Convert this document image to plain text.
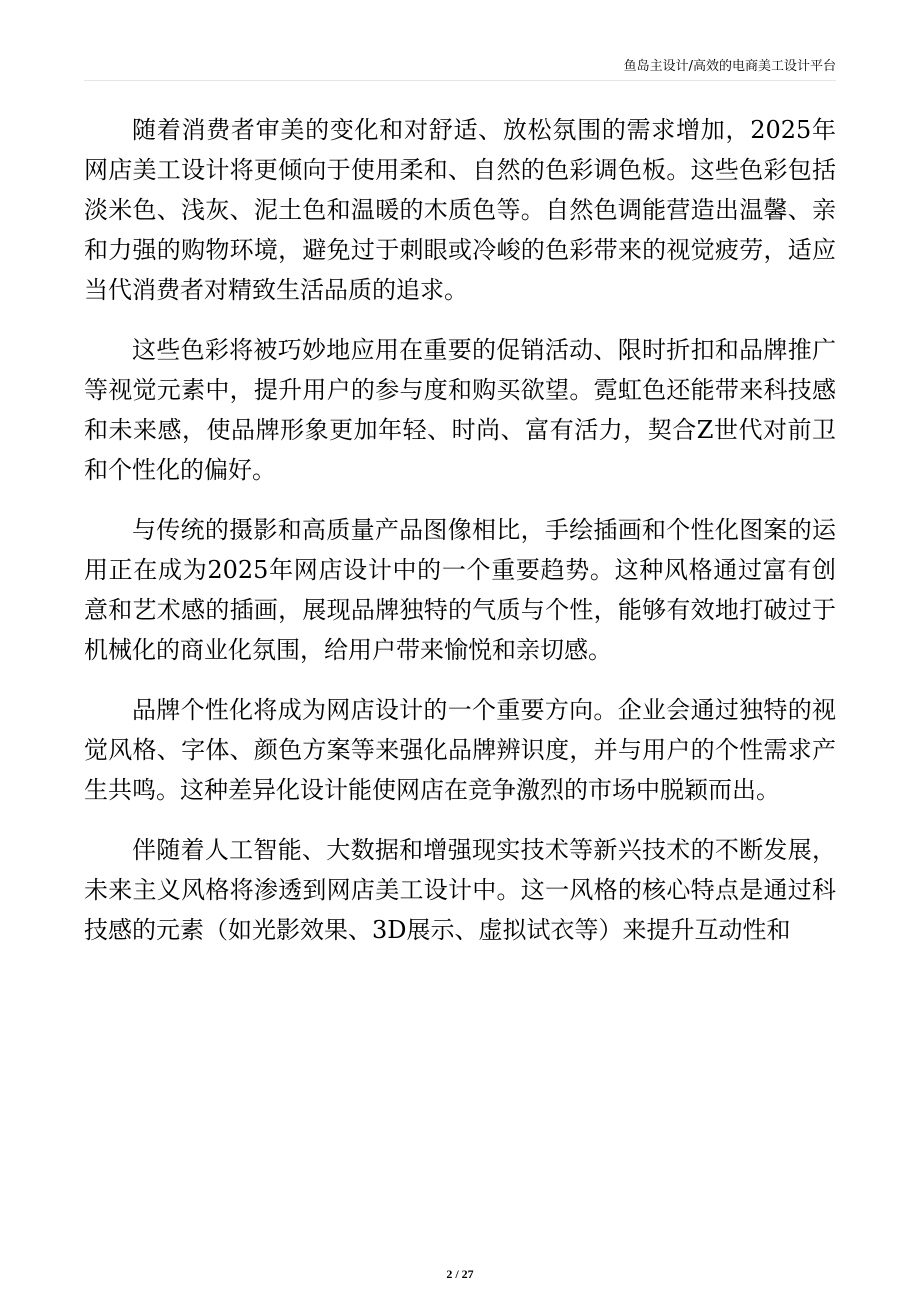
鱼岛主设计/高效的电商美工设计平台

随着消费者审美的变化和对舒适、放松氛围的需求增加，2025年网店美工设计将更倾向于使用柔和、自然的色彩调色板。这些色彩包括淡米色、浅灰、泥土色和温暖的木质色等。自然色调能营造出温馨、亲和力强的购物环境，避免过于刺眼或冷峻的色彩带来的视觉疲劳，适应当代消费者对精致生活品质的追求。

这些色彩将被巧妙地应用在重要的促销活动、限时折扣和品牌推广等视觉元素中，提升用户的参与度和购买欲望。霓虹色还能带来科技感和未来感，使品牌形象更加年轻、时尚、富有活力，契合Z世代对前卫和个性化的偏好。

与传统的摄影和高质量产品图像相比，手绘插画和个性化图案的运用正在成为2025年网店设计中的一个重要趋势。这种风格通过富有创意和艺术感的插画，展现品牌独特的气质与个性，能够有效地打破过于机械化的商业化氛围，给用户带来愉悦和亲切感。

品牌个性化将成为网店设计的一个重要方向。企业会通过独特的视觉风格、字体、颜色方案等来强化品牌辨识度，并与用户的个性需求产生共鸣。这种差异化设计能使网店在竞争激烈的市场中脱颖而出。

伴随着人工智能、大数据和增强现实技术等新兴技术的不断发展，未来主义风格将渗透到网店美工设计中。这一风格的核心特点是通过科技感的元素（如光影效果、3D展示、虚拟试衣等）来提升互动性和

2 / 27
